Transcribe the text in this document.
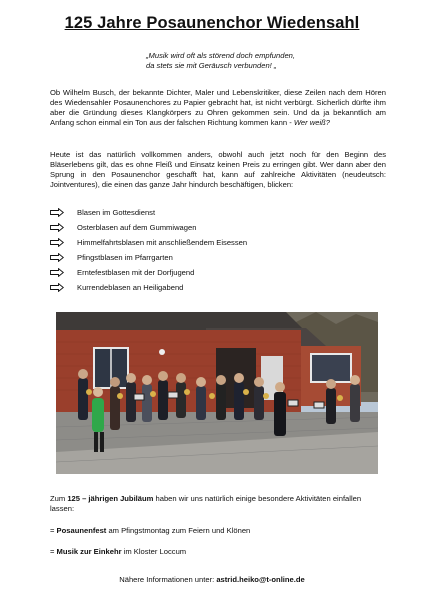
125 Jahre Posaunenchor Wiedensahl
„Musik wird oft als störend doch empfunden,
da stets sie mit Geräusch verbunden! „

Ob Wilhelm Busch, der bekannte Dichter, Maler und Lebenskritiker, diese Zeilen nach dem Hören des Wiedensahler Posaunenchores zu Papier gebracht hat, ist nicht verbürgt. Sicherlich dürfte ihm aber die Gründung dieses Klangkörpers zu Ohren gekommen sein. Und da ja bekanntlich am Anfang schon einmal ein Ton aus der falschen Richtung kommen kann - Wer weiß?

Heute ist das natürlich vollkommen anders, obwohl auch jetzt noch für den Beginn des Bläserlebens gilt, das es ohne Fleiß und Einsatz keinen Preis zu erringen gibt. Wer dann aber den Sprung in den Posaunenchor geschafft hat, kann auf zahlreiche Aktivitäten (neudeutsch: Jointventures), die einen das ganze Jahr hindurch beschäftigen, blicken:

Blasen im Gottesdienst
Osterblasen auf dem Gummiwagen
Himmelfahrtsblasen mit anschließendem Eisessen
Pfingstblasen im Pfarrgarten
Erntefestblasen mit der Dorfjugend
Kurrendeblasen an Heiligabend

Zum 125 – jährigen Jubiläum haben wir uns natürlich einige besondere Aktivitäten einfallen lassen:

= Posaunenfest am Pfingstmontag zum Feiern und Klönen

= Musik zur Einkehr im Kloster Loccum

Nähere Informationen unter: astrid.heiko@t-online.de
